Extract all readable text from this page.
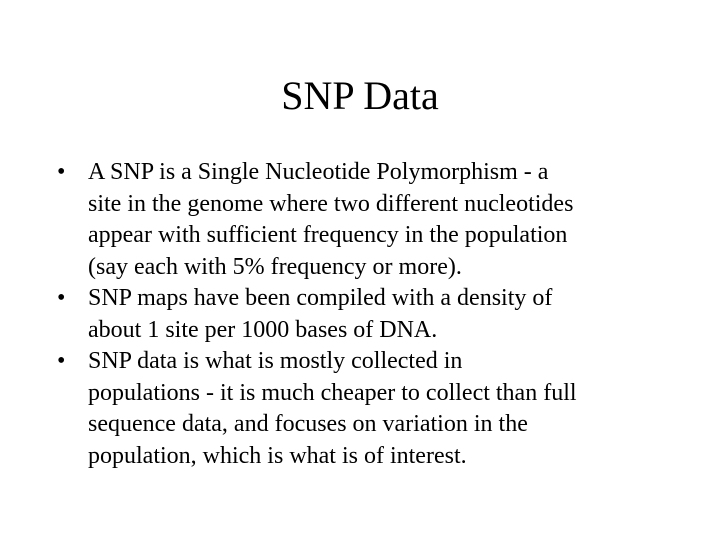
SNP Data
• A SNP is a Single Nucleotide Polymorphism - a
site in the genome where two different nucleotides
appear with sufficient frequency in the population
(say each with 5% frequency or more).
• SNP maps have been compiled with a density of
about 1 site per 1000 bases of DNA.
• SNP data is what is mostly collected in
populations - it is much cheaper to collect than full
sequence data, and focuses on variation in the
population, which is what is of interest.
